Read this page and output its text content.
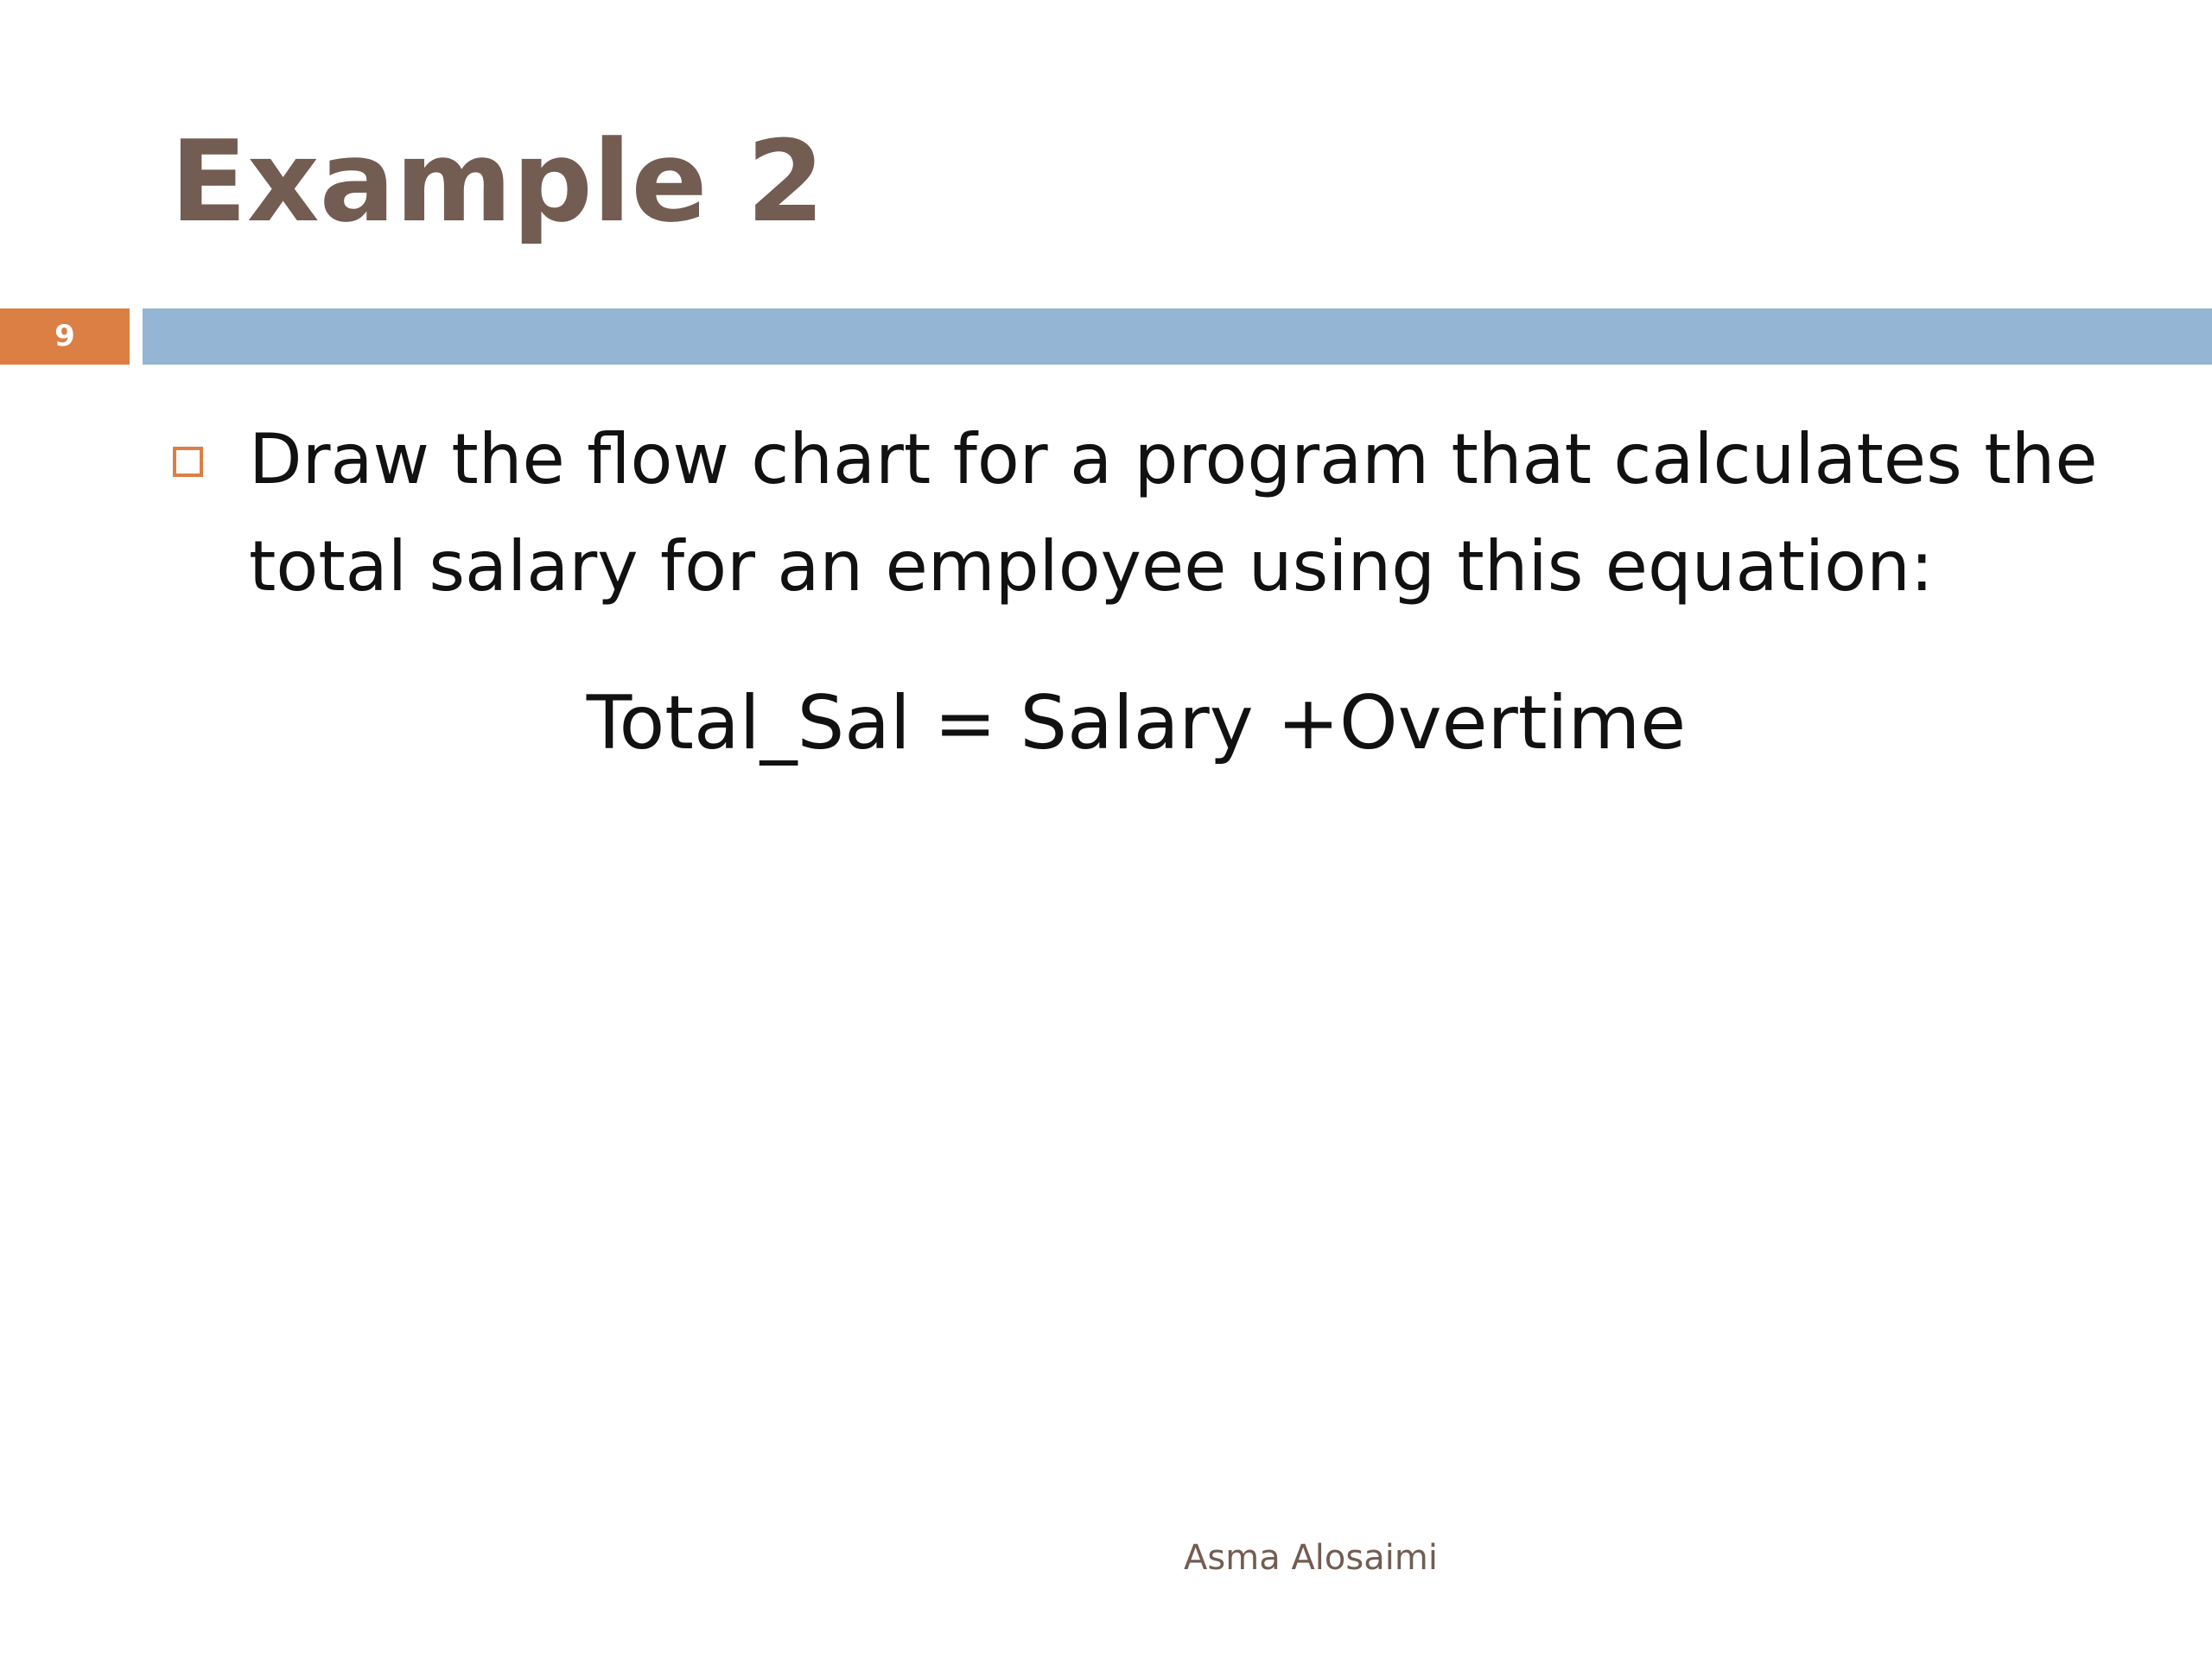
Example 2
9

Draw the flow chart for a program that calculates the total salary for an employee using this equation:

Total_Sal = Salary +Overtime
Asma Alosaimi
